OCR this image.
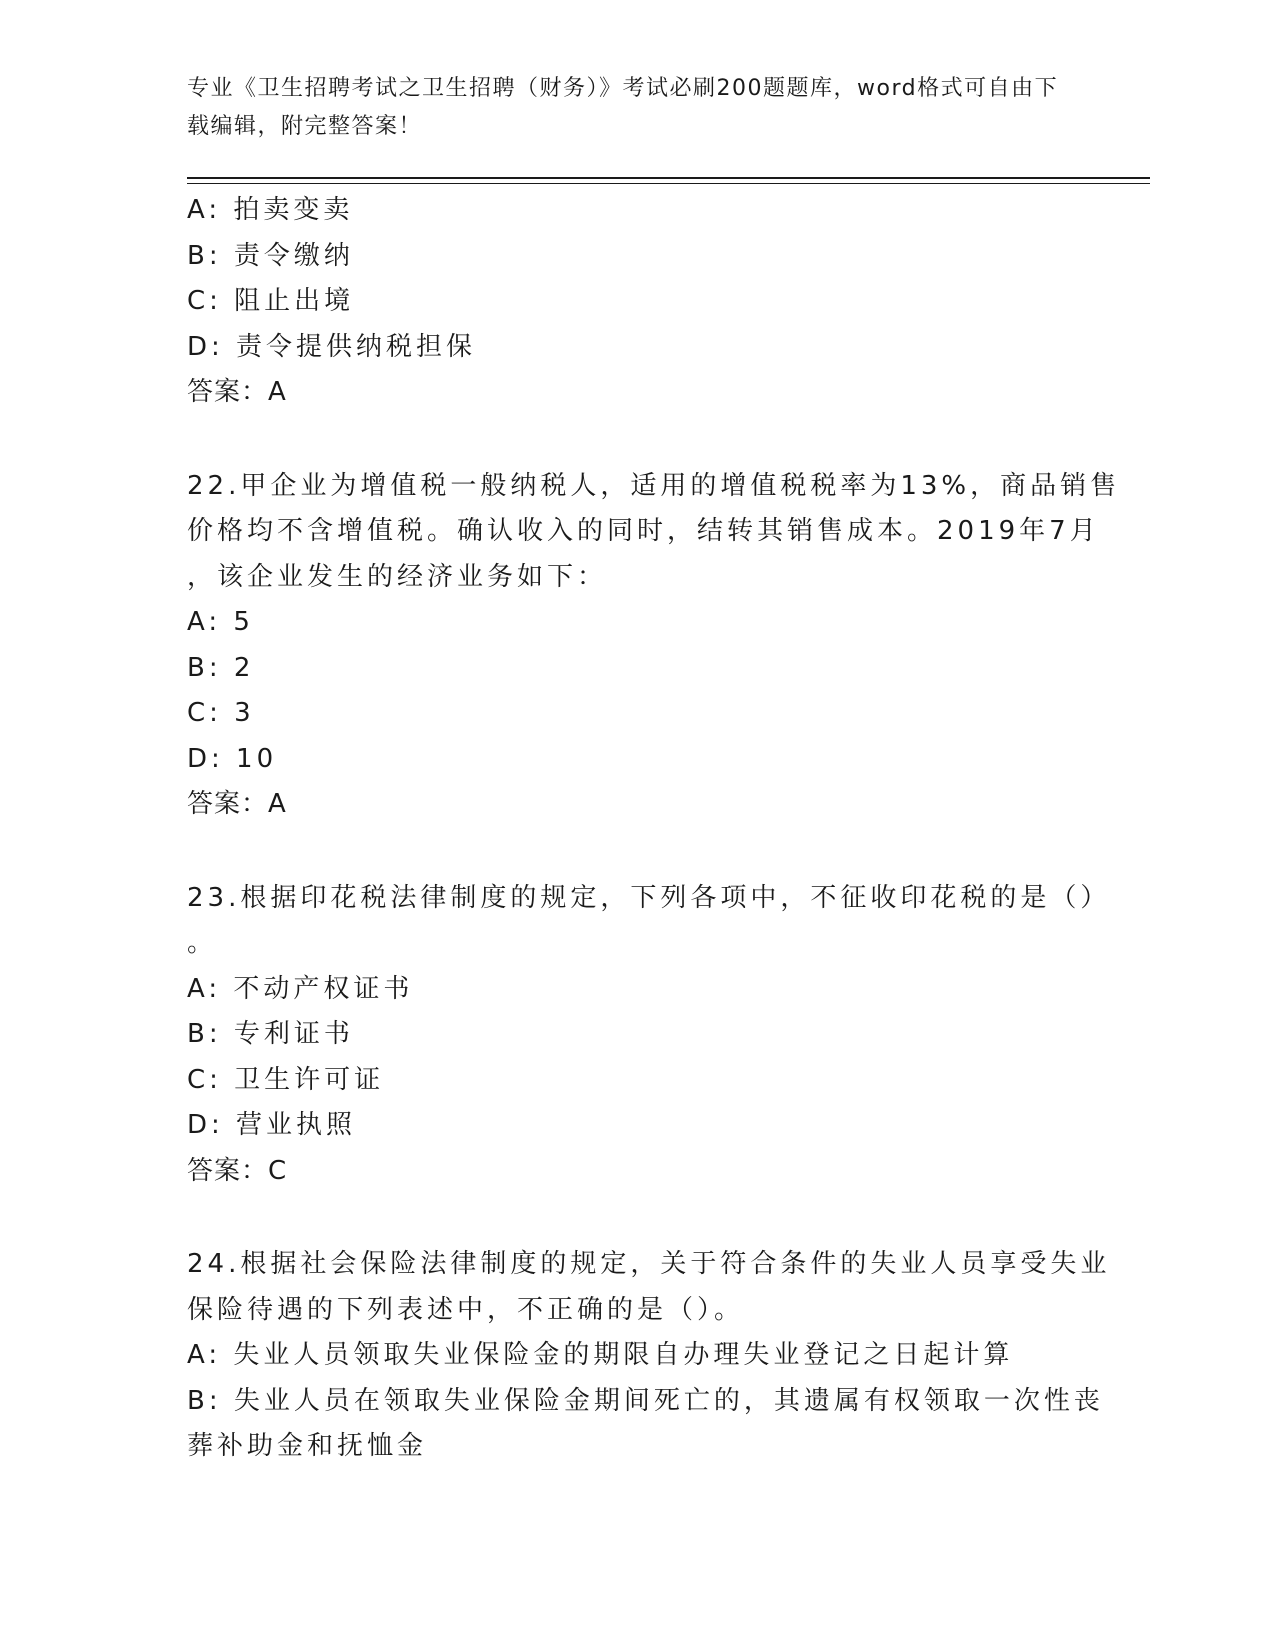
专业《卫生招聘考试之卫生招聘（财务）》考试必刷200题题库，word格式可自由下载编辑，附完整答案！
A: 拍卖变卖
B: 责令缴纳
C: 阻止出境
D: 责令提供纳税担保
答案：A
22.甲企业为增值税一般纳税人，适用的增值税税率为13%，商品销售
价格均不含增值税。确认收入的同时，结转其销售成本。2019年7月
，该企业发生的经济业务如下：
A: 5
B: 2
C: 3
D: 10
答案：A
23.根据印花税法律制度的规定，下列各项中，不征收印花税的是（）
。
A: 不动产权证书
B: 专利证书
C: 卫生许可证
D: 营业执照
答案：C
24.根据社会保险法律制度的规定，关于符合条件的失业人员享受失业
保险待遇的下列表述中，不正确的是（）。
A: 失业人员领取失业保险金的期限自办理失业登记之日起计算
B: 失业人员在领取失业保险金期间死亡的，其遗属有权领取一次性丧
葬补助金和抚恤金
